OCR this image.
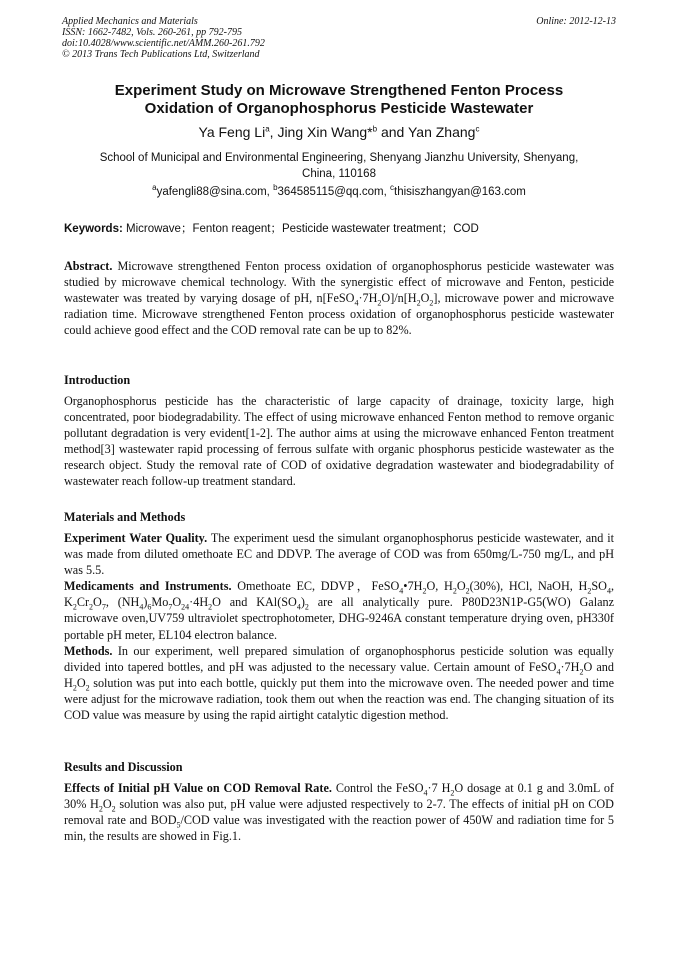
Applied Mechanics and Materials
ISSN: 1662-7482, Vols. 260-261, pp 792-795
doi:10.4028/www.scientific.net/AMM.260-261.792
© 2013 Trans Tech Publications Ltd, Switzerland
Online: 2012-12-13
Experiment Study on Microwave Strengthened Fenton Process
Oxidation of Organophosphorus Pesticide Wastewater
Ya Feng Li$^a$, Jing Xin Wang*$^b$ and Yan Zhang$^c$
School of Municipal and Environmental Engineering, Shenyang Jianzhu University, Shenyang,
China, 110168
$^a$yafengli88@sina.com, $^b$364585115@qq.com, $^c$thisiszhangyan@163.com
Keywords: Microwave；Fenton reagent；Pesticide wastewater treatment；COD
Abstract. Microwave strengthened Fenton process oxidation of organophosphorus pesticide wastewater was studied by microwave chemical technology. With the synergistic effect of microwave and Fenton, pesticide wastewater was treated by varying dosage of pH, $n[FeSO_4\cdot 7H_2O]/n[H_2O_2]$, microwave power and microwave radiation time. Microwave strengthened Fenton process oxidation of organophosphorus pesticide wastewater could achieve good effect and the COD removal rate can be up to 82%.
Introduction
Organophosphorus pesticide has the characteristic of large capacity of drainage, toxicity large, high concentrated, poor biodegradability. The effect of using microwave enhanced Fenton method to remove organic pollutant degradation is very evident[1-2]. The author aims at using the microwave enhanced Fenton treatment method[3] wastewater rapid processing of ferrous sulfate with organic phosphorus pesticide wastewater as the research object. Study the removal rate of COD of oxidative degradation wastewater and biodegradability of wastewater reach follow-up treatment standard.
Materials and Methods
Experiment Water Quality. The experiment uesd the simulant organophosphorus pesticide wastewater, and it was made from diluted omethoate EC and DDVP. The average of COD was from 650mg/L-750 mg/L, and pH was 5.5.
Medicaments and Instruments. Omethoate EC, DDVP，$FeSO_4•7H_2O$, $H_2O_2(30\%)$, HCl, NaOH, $H_2SO_4$, $K_2Cr_2O_7$, $(NH_4)_6Mo_7O_{24}\cdot 4H_2O$ and $KAl(SO_4)_2$ are all analytically pure. P80D23N1P-G5(WO) Galanz microwave oven,UV759 ultraviolet spectrophotometer, DHG-9246A constant temperature drying oven, pH330f portable pH meter, EL104 electron balance.
Methods. In our experiment, well prepared simulation of organophosphorus pesticide solution was equally divided into tapered bottles, and pH was adjusted to the necessary value. Certain amount of $FeSO_4\cdot 7H_2O$ and $H_2O_2$ solution was put into each bottle, quickly put them into the microwave oven. The needed power and time were adjust for the microwave radiation, took them out when the reaction was end. The changing situation of its COD value was measure by using the rapid airtight catalytic digestion method.
Results and Discussion
Effects of Initial pH Value on COD Removal Rate. Control the FeSO$_4$·7 $H_2O$ dosage at 0.1 g and 3.0mL of 30% $H_2O_2$ solution was also put, pH value were adjusted respectively to 2-7. The effects of initial pH on COD removal rate and $BOD_5$/COD value was investigated with the reaction power of 450W and radiation time for 5 min, the results are showed in Fig.1.
